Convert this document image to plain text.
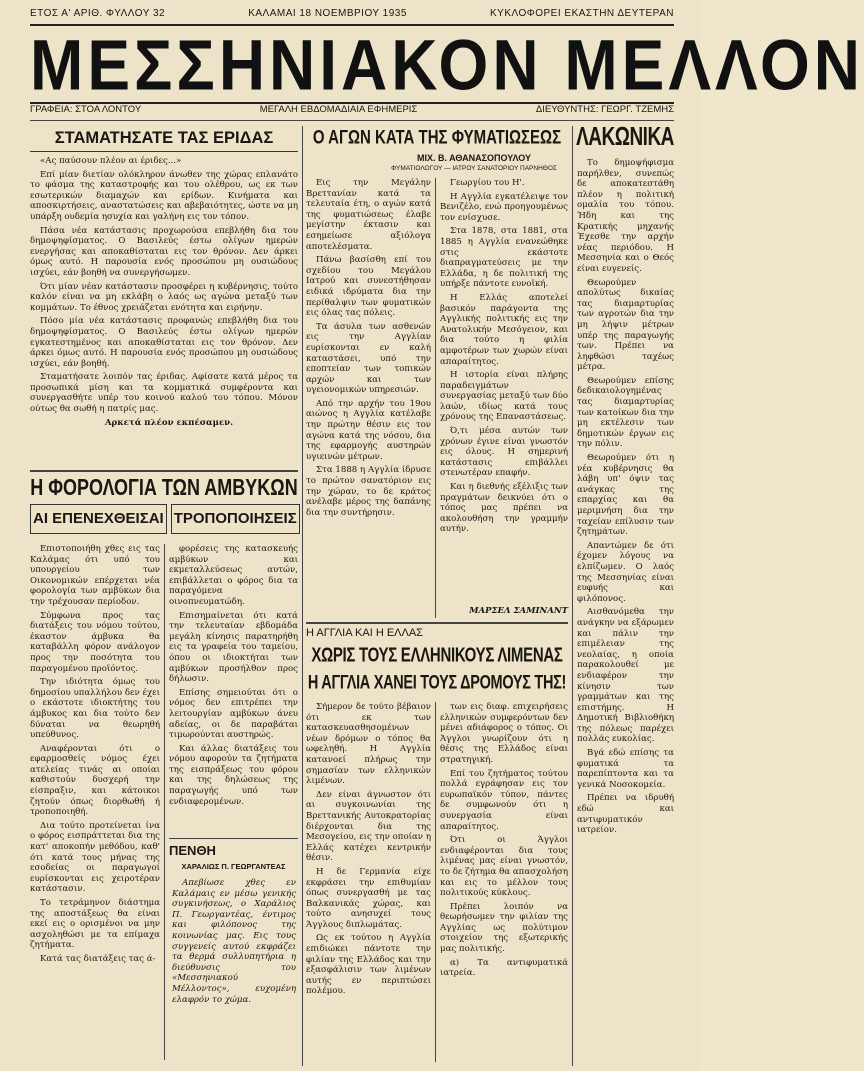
ΕΤΟΣ Α' ΑΡΙΘ. ΦΥΛΛΟΥ 32	ΚΑΛΑΜΑΙ 18 ΝΟΕΜΒΡΙΟΥ 1935	ΚΥΚΛΟΦΟΡΕΙ ΕΚΑΣΤΗΝ ΔΕΥΤΕΡΑΝ
ΜΕΣΣΗΝΙΑΚΟΝ ΜΕΛΛΟΝ
ΓΡΑΦΕΙΑ: ΣΤΟΑ ΛΟΝΤΟΥ	ΜΕΓΑΛΗ ΕΒΔΟΜΑΔΙΑΙΑ ΕΦΗΜΕΡΙΣ	ΔΙΕΥΘΥΝΤΗΣ: ΓΕΩΡΓ. ΤΖΕΜΗΣ
ΣΤΑΜΑΤΗΣΑΤΕ ΤΑΣ ΕΡΙΔΑΣ

«Ας παύσουν πλέον αι έριδες...»

Επί μίαν διετίαν ολόκληρον άνωθεν της χώρας επλανάτο το φάσμα της καταστροφής και του ολέθρου, ως εκ των εσωτερικών διαμαχών και ερίδων. Κινήματα και αποσκιρτήσεις, αναστατώσεις και αβεβαιότητες, ώστε να μη υπάρξη ουδεμία ησυχία και γαλήνη εις τον τόπον.

Πάσα νέα κατάστασις προχωρούσα επεβλήθη δια του δημοψηφίσματος. Ο Βασιλεύς έστω ολίγων ημερών ενεργήσας και αποκαθίσταται εις τον θρόνον. Δεν άρκει όμως αυτό. Η παρουσία ενός προσώπου μη ουσιώδους ισχύει, εάν βοηθή να συνεργήσωμεν.

Ότι μίαν νέαν κατάστασιν προσφέρει η κυβέρνησις, τούτο καλόν είναι να μη εκλάβη ο λαός ως αγώνα μεταξύ των κομμάτων. Το έθνος χρειάζεται ενότητα και ειρήνην.

Πόσο μία νέα κατάστασις προφανώς επεβλήθη δια του δημοψηφίσματος. Ο Βασιλεύς έστω ολίγων ημερών εγκατεστημένος και αποκαθίσταται εις τον θρόνον. Δεν άρκει όμως αυτό. Η παρουσία ενός προσώπου μη ουσιώδους ισχύει, εάν βοηθή.

Σταματήσατε λοιπόν τας έριδας. Αφίσατε κατά μέρος τα προσωπικά μίση και τα κομματικά συμφέροντα και συνεργασθήτε υπέρ του κοινού καλού του τόπου. Μόνον ούτως θα σωθή η πατρίς μας.

Αρκετά πλέον εκπέσαμεν.

Η ΦΟΡΟΛΟΓΙΑ ΤΩΝ ΑΜΒΥΚΩΝ
ΑΙ ΕΠΕΝΕΧΘΕΙΣΑΙ ΤΡΟΠΟΠΟΙΗΣΕΙΣ

Επιστοποιήθη χθες εις τας Καλάμας ότι υπό του υπουργείου των Οικονομικών επέρχεται νέα φορολογία των αμβύκων δια την τρέχουσαν περίοδον.

Σύμφωνα προς τας διατάξεις του νόμου τούτου, έκαστον άμβυκα θα καταβάλλη φόρον ανάλογον προς την ποσότητα του παραγομένου προϊόντος.

Την ιδιότητα όμως του δημοσίου υπαλλήλου δεν έχει ο εκάστοτε ιδιοκτήτης του άμβυκος και δια τούτο δεν δύναται να θεωρηθή υπεύθυνος.

Αναφέρονται ότι ο εφαρμοσθείς νόμος έχει ατελείας τινάς αι οποίαι καθιστούν δυσχερή την είσπραξιν, και κάτοικοι ζητούν όπως διορθωθή ή τροποποιηθή.

Δια τούτο προτείνεται ίνα ο φόρος εισπράττεται δια της κατ' αποκοπήν μεθόδου, καθ' ότι κατά τους μήνας της εσοδείας οι παραγωγοί ευρίσκονται εις χειροτέραν κατάστασιν.

Το τετράμηνον διάστημα της αποστάξεως θα είναι εκεί εις ο ορισμένοι να μην ασχοληθώσι με τα επίμαχα ζητήματα.

Κατά τας διατάξεις τας ά-

φορέσεις της κατασκευής αμβύκων και εκμεταλλεύσεως αυτών, επιβάλλεται ο φόρος δια τα παραγόμενα οινοπνευματώδη.

Επισημαίνεται ότι κατά την τελευταίαν εβδομάδα μεγάλη κίνησις παρατηρήθη εις τα γραφεία του ταμείου, όπου οι ιδιοκτήται των αμβύκων προσήλθον προς δήλωσιν.

Επίσης σημειούται ότι ο νόμος δεν επιτρέπει την λειτουργίαν αμβύκων άνευ αδείας, οι δε παραβάται τιμωρούνται αυστηρώς.

Και άλλας διατάξεις του νόμου αφορούν τα ζητήματα της εισπράξεως του φόρου και της δηλώσεως της παραγωγής υπό των ενδιαφερομένων.

ΠΕΝΘΗ
ΧΑΡΑΛΙΩΣ Π. ΓΕΩΡΓΑΝΤΕΑΣ

Απεβίωσε χθες εν Καλάμαις εν μέσω γενικής συγκινήσεως, ο Χαράλιος Π. Γεωργαντέας, έντιμος και φιλόπονος της κοινωνίας μας. Εις τους συγγενείς αυτού εκφράζει τα θερμά συλλυπητήρια η διεύθυνσις του «Μεσσηνιακού Μέλλοντος», ευχομένη ελαφρόν το χώμα.

Ο ΑΓΩΝ ΚΑΤΑ ΤΗΣ ΦΥΜΑΤΙΩΣΕΩΣ
ΜΙΧ. Β. ΑΘΑΝΑΣΟΠΟΥΛΟΥ
ΦΥΜΑΤΙΟΛΟΓΟΥ — ΙΑΤΡΟΥ ΣΑΝΑΤΟΡΙΟΥ ΠΑΡΝΗΘΟΣ

Εις την Μεγάλην Βρεττανίαν κατά τα τελευταία έτη, ο αγών κατά της φυματιώσεως έλαβε μεγίστην έκτασιν και εσημείωσε αξιόλογα αποτελέσματα.

Πάνω βασίσθη επί του σχεδίου του Μεγάλου Ιατρού και συνεστήθησαν ειδικά ιδρύματα δια την περίθαλψιν των φυματικών εις όλας τας πόλεις.

Τα άσυλα των ασθενών εις την Αγγλίαν ευρίσκονται εν καλή καταστάσει, υπό την εποπτείαν των τοπικών αρχών και των υγειονομικών υπηρεσιών.

Από την αρχήν του 19ου αιώνος η Αγγλία κατέλαβε την πρώτην θέσιν εις τον αγώνα κατά της νόσου, δια της εφαρμογής αυστηρών υγιεινών μέτρων.

Στα 1888 η Αγγλία ίδρυσε το πρώτον σανατόριον εις την χώραν, το δε κράτος ανέλαβε μέρος της δαπάνης δια την συντήρησιν.

Γεωργίου του Η'.

Η Αγγλία εγκατέλειψε τον Βενιζέλο, ενώ προηγουμένως τον ενίσχυσε.

Στα 1878, στα 1881, στα 1885 η Αγγλία ενανεώθηκε στις εκάστοτε διαπραγματεύσεις με την Ελλάδα, η δε πολιτική της υπήρξε πάντοτε ευνοϊκή.

Η Ελλάς αποτελεί βασικόν παράγοντα της Αγγλικής πολιτικής εις την Ανατολικήν Μεσόγειον, και δια τούτο η φιλία αμφοτέρων των χωρών είναι απαραίτητος.

Η ιστορία είναι πλήρης παραδειγμάτων συνεργασίας μεταξύ των δύο λαών, ιδίως κατά τους χρόνους της Επαναστάσεως.

Ό,τι μέσα αυτών των χρόνων έγινε είναι γνωστόν εις όλους. Η σημερινή κατάστασις επιβάλλει στενωτέραν επαφήν.

Και η διεθνής εξέλιξις των πραγμάτων δεικνύει ότι ο τόπος μας πρέπει να ακολουθήση την γραμμήν αυτήν.

ΜΑΡΣΕΛ ΣΑΜΙΝΑΝΤ
Η ΑΓΓΛΙΑ ΚΑΙ Η ΕΛΛΑΣ
ΧΩΡΙΣ ΤΟΥΣ ΕΛΛΗΝΙΚΟΥΣ ΛΙΜΕΝΑΣ
Η ΑΓΓΛΙΑ ΧΑΝΕΙ ΤΟΥΣ ΔΡΟΜΟΥΣ ΤΗΣ!

Σήμερον δε τούτο βέβαιον ότι εκ των κατασκευασθησομένων νέων δρόμων ο τόπος θα ωφεληθή. Η Αγγλία κατανοεί πλήρως την σημασίαν των ελληνικών λιμένων.

Δεν είναι άγνωστον ότι αι συγκοινωνίαι της Βρεττανικής Αυτοκρατορίας διέρχονται δια της Μεσογείου, εις την οποίαν η Ελλάς κατέχει κεντρικήν θέσιν.

Η δε Γερμανία είχε εκφράσει την επιθυμίαν όπως συνεργασθή με τας Βαλκανικάς χώρας, και τούτο ανησυχεί τους Άγγλους διπλωμάτας.

Ως εκ τούτου η Αγγλία επιδιώκει πάντοτε την φιλίαν της Ελλάδος και την εξασφάλισιν των λιμένων αυτής εν περιπτώσει πολέμου.

των εις διαφ. επιχειρήσεις ελληνικών συμφερόντων δεν μένει αδιάφορος ο τόπος. Οι Άγγλοι γνωρίζουν ότι η θέσις της Ελλάδος είναι στρατηγική.

Επί του ζητήματος τούτου πολλά εγράφησαν εις τον ευρωπαϊκόν τύπον, πάντες δε συμφωνούν ότι η συνεργασία είναι απαραίτητος.

Ότι οι Άγγλοι ενδιαφέρονται δια τους λιμένας μας είναι γνωστόν, το δε ζήτημα θα απασχολήση και εις το μέλλον τους πολιτικούς κύκλους.

Πρέπει λοιπόν να θεωρήσωμεν την φιλίαν της Αγγλίας ως πολύτιμον στοιχείον της εξωτερικής μας πολιτικής.

α) Τα αντιφυματικά ιατρεία.

ΛΑΚΩΝΙΚΑ

Το δημοψήφισμα παρήλθεν, συνεπώς δε αποκατεστάθη πλέον η πολιτική ομαλία του τόπου. Ήδη και της Κρατικής μηχανής Έχεσθε την αρχήν νέας περιόδου. Η Μεσσηνία και ο Θεός είναι ευγενείς.

Θεωρούμεν απολύτως δικαίας τας διαμαρτυρίας των αγροτών δια την μη λήψιν μέτρων υπέρ της παραγωγής των. Πρέπει να ληφθώσι ταχέως μέτρα.

Θεωρούμεν επίσης δεδικαιολογημένας τας διαμαρτυρίας των κατοίκων δια την μη εκτέλεσιν των δημοτικών έργων εις την πόλιν.

Θεωρούμεν ότι η νέα κυβέρνησις θα λάβη υπ' όψιν τας ανάγκας της επαρχίας και θα μεριμνήση δια την ταχείαν επίλυσιν των ζητημάτων.

Απαντώμεν δε ότι έχομεν λόγους να ελπίζωμεν. Ο λαός της Μεσσηνίας είναι ευφυής και φιλόπονος.

Αισθανόμεθα την ανάγκην να εξάρωμεν και πάλιν την επιμέλειαν της νεολαίας, η οποία παρακολουθεί με ενδιαφέρον την κίνησιν των γραμμάτων και της επιστήμης. Η Δημοτική Βιβλιοθήκη της πόλεως παρέχει πολλάς ευκολίας.

Βγά εδώ επίσης τα φυματικά τα παρεπίπτοντα και τα γενικά Νοσοκομεία.

Πρέπει να ιδρυθή εδώ και αντιφυματικόν ιατρείον.
